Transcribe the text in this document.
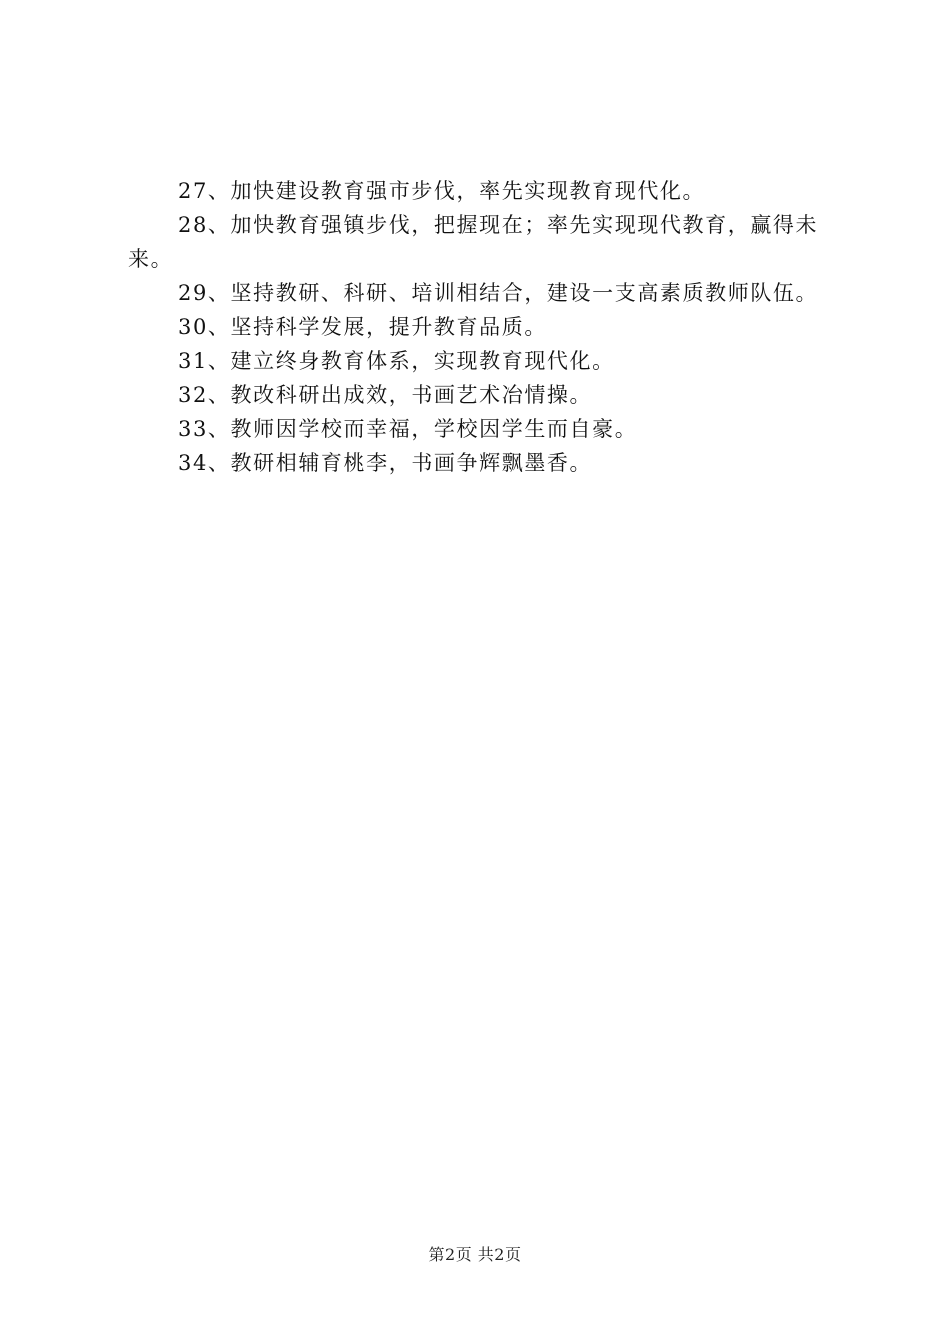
27、加快建设教育强市步伐，率先实现教育现代化。

28、加快教育强镇步伐，把握现在；率先实现现代教育，赢得未来。

29、坚持教研、科研、培训相结合，建设一支高素质教师队伍。

30、坚持科学发展，提升教育品质。

31、建立终身教育体系，实现教育现代化。

32、教改科研出成效，书画艺术冶情操。

33、教师因学校而幸福，学校因学生而自豪。

34、教研相辅育桃李，书画争辉飘墨香。

第2页 共2页
